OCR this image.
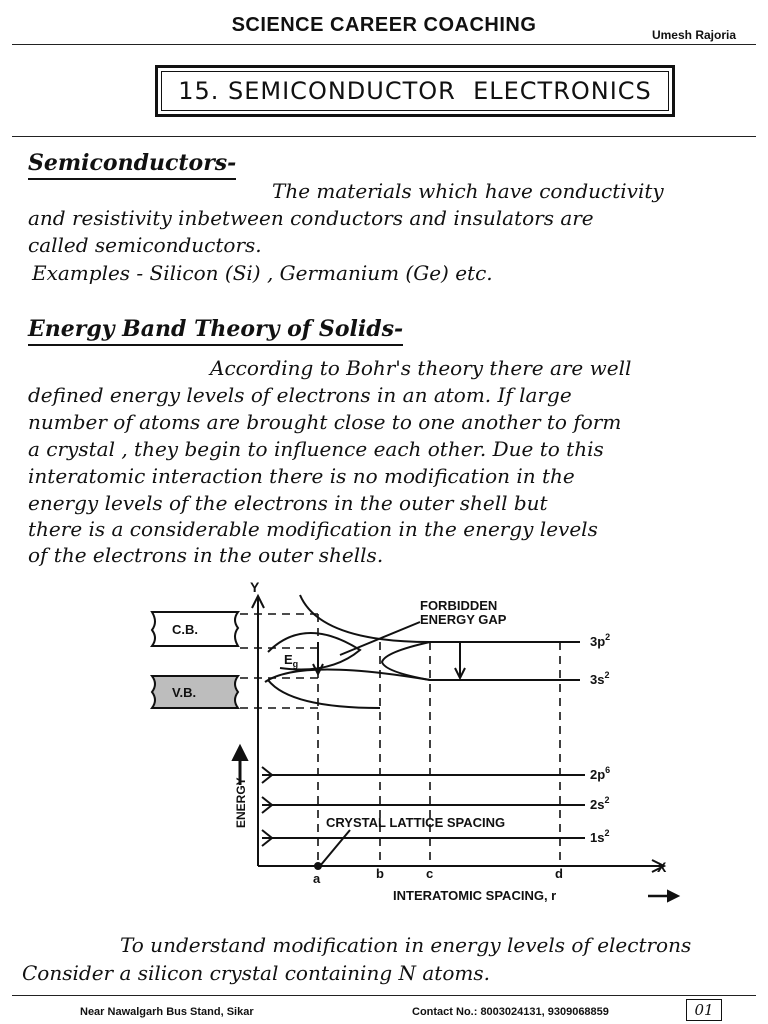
SCIENCE CAREER COACHING	Umesh Rajoria
15. SEMICONDUCTOR  ELECTRONICS
Semiconductors-
The materials which have conductivity
and resistivity inbetween conductors and insulators are
called semiconductors.
Examples - Silicon (Si) , Germanium (Ge) etc.
Energy Band Theory of Solids-
According to Bohr's theory there are well
defined energy levels of electrons in an atom. If large
number of atoms are brought close to one another to form
a crystal , they begin to influence each other. Due to this
interatomic interaction there is no modification in the
energy levels of the electrons in the outer shell but
there is a considerable modification in the energy levels
of the electrons in the outer shells.
Y
X
C.B.
V.B.
$E_g$
FORBIDDEN
ENERGY GAP
$3p^2$
$3s^2$
$2p^6$
$2s^2$
$1s^2$
CRYSTAL LATTICE SPACING
ENERGY
a	b	c	d
INTERATOMIC SPACING, r
To understand modification in energy levels of electrons
Consider a silicon crystal containing N atoms.
Near Nawalgarh Bus Stand, Sikar	Contact No.: 8003024131, 9309068859	01
